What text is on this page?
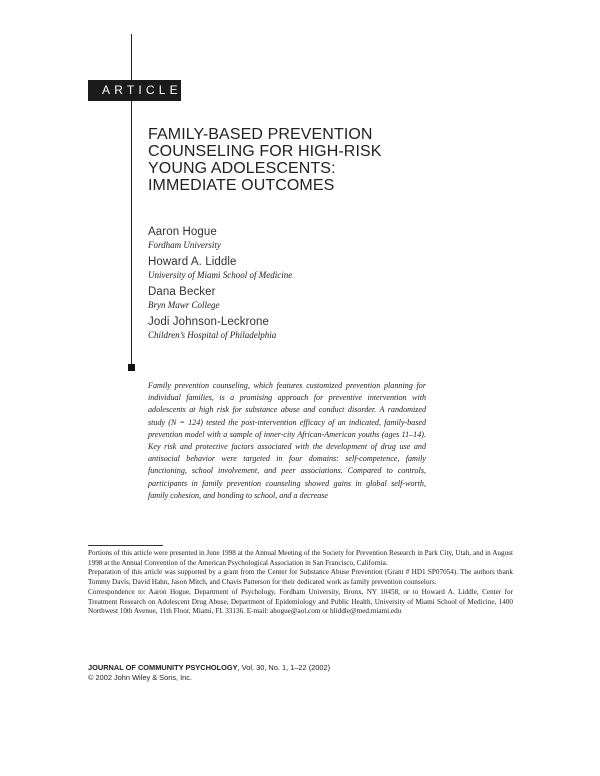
ARTICLE
FAMILY-BASED PREVENTION
COUNSELING FOR HIGH-RISK
YOUNG ADOLESCENTS:
IMMEDIATE OUTCOMES
Aaron Hogue
Fordham University
Howard A. Liddle
University of Miami School of Medicine
Dana Becker
Bryn Mawr College
Jodi Johnson-Leckrone
Children’s Hospital of Philadelphia

Family prevention counseling, which features customized prevention planning for individual families, is a promising approach for preventive intervention with adolescents at high risk for substance abuse and conduct disorder. A randomized study (N = 124) tested the post-intervention efficacy of an indicated, family-based prevention model with a sample of inner-city African-American youths (ages 11–14). Key risk and protective factors associated with the development of drug use and antisocial behavior were targeted in four domains: self-competence, family functioning, school involvement, and peer associations. Compared to controls, participants in family prevention counseling showed gains in global self-worth, family cohesion, and bonding to school, and a decrease

Portions of this article were presented in June 1998 at the Annual Meeting of the Society for Prevention Research in Park City, Utah, and in August 1998 at the Annual Convention of the American Psychological Association in San Francisco, California.

Preparation of this article was supported by a grant from the Center for Substance Abuse Prevention (Grant # HD1 SP07054). The authors thank Tommy Davis, David Hahn, Jason Mitch, and Chavis Patterson for their dedicated work as family prevention counselors.

Correspondence to: Aaron Hogue, Department of Psychology, Fordham University, Bronx, NY 10458, or to Howard A. Liddle, Center for Treatment Research on Adolescent Drug Abuse, Department of Epidemiology and Public Health, University of Miami School of Medicine, 1400 Northwest 10th Avenue, 11th Floor, Miami, FL 33136. E-mail: ahogue@aol.com or hliddle@med.miami.edu

JOURNAL OF COMMUNITY PSYCHOLOGY, Vol. 30, No. 1, 1–22 (2002)

© 2002 John Wiley & Sons, Inc.
